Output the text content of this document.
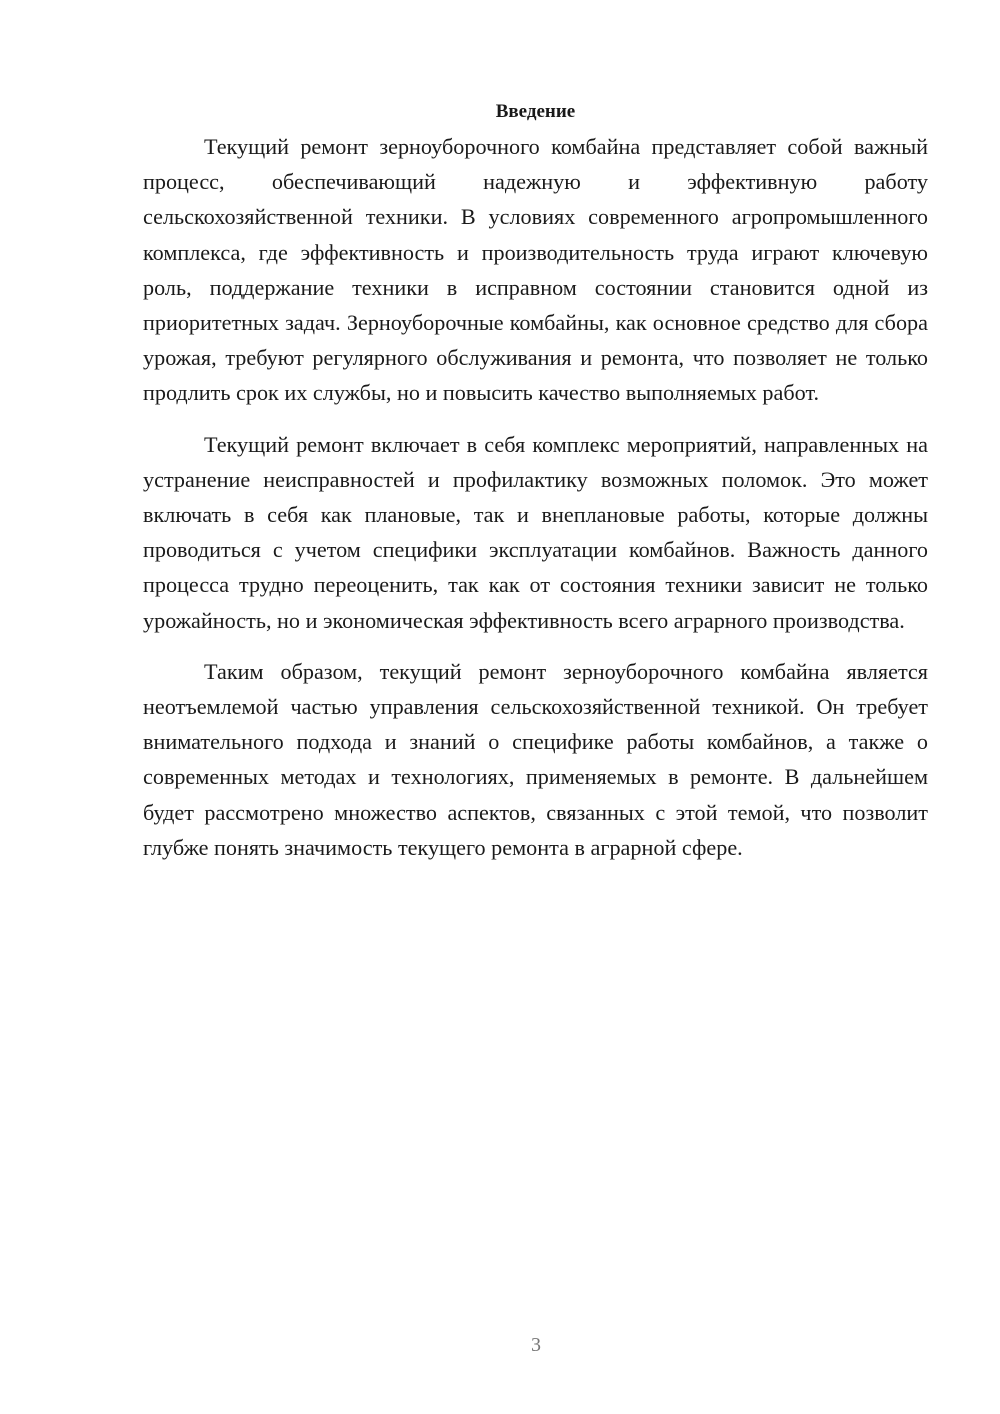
Введение

Текущий ремонт зерноуборочного комбайна представляет собой важный процесс, обеспечивающий надежную и эффективную работу сельскохозяйственной техники. В условиях современного агропромышленного комплекса, где эффективность и производительность труда играют ключевую роль, поддержание техники в исправном состоянии становится одной из приоритетных задач. Зерноуборочные комбайны, как основное средство для сбора урожая, требуют регулярного обслуживания и ремонта, что позволяет не только продлить срок их службы, но и повысить качество выполняемых работ.

Текущий ремонт включает в себя комплекс мероприятий, направленных на устранение неисправностей и профилактику возможных поломок. Это может включать в себя как плановые, так и внеплановые работы, которые должны проводиться с учетом специфики эксплуатации комбайнов. Важность данного процесса трудно переоценить, так как от состояния техники зависит не только урожайность, но и экономическая эффективность всего аграрного производства.

Таким образом, текущий ремонт зерноуборочного комбайна является неотъемлемой частью управления сельскохозяйственной техникой. Он требует внимательного подхода и знаний о специфике работы комбайнов, а также о современных методах и технологиях, применяемых в ремонте. В дальнейшем будет рассмотрено множество аспектов, связанных с этой темой, что позволит глубже понять значимость текущего ремонта в аграрной сфере.

3
